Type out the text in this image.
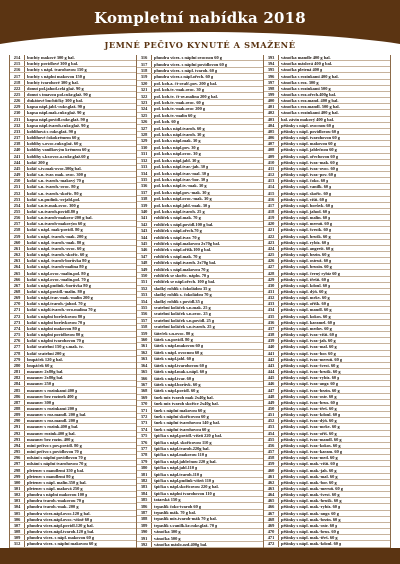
Kompletní nabídka 2018
JEMNÉ PEČIVO KYNUTÉ A SMAŽENÉ
214	buchty makové 300 g bal.
215	buchty povidlové 300 g bal.
216	buchty s nápl. tvarohovou 150 g
217	buchty s náplní makovou 150 g
218	buchty tvarohové 300 g bal.
222	donut pol.jahod.celá glaž. 90 g
225	donut s tmavou pol.cukr.glaž. 90 g
226	dukátové buchtičky 300 g bal.
229	kapsa nápl.jabl.-cukr.glaž. 90 g
230	kapsa nápl.mak.cukr.glaž. 90 g
231	kapsa nápl.povidl.cukr.glaž. 90 g
232	kapsa nápl.tvaroh.cukr.glaž. 90 g
233	koblihová s cukr.glaž. 90 g
237	koblihové čokokrémem 60 g
238	koblihy s.ovoc.cukr.glaž. 60 g
240	koblihy vanilkovým krémem 60 g
241	koblihy s.kr.ovoc.a.cukr.glaž.60 g
244	koláč 200 g
245	koláč s.tv.mak-ovoc.300g bal.
249	koláč s.n. tvar. mak. ovoc. 300 g
250	koláč s.n. tvaroh.-makový 70 g
251	koláč s.n. tvaroh.-ovoc. 80 g
252	koláč s.n. tvaroh.-skořic. 80 g
253	koláč s.n.pudink.-ovjabl.pol.
254	koláč s.n.tv.mak.ovoc. 300 g
255	koláč s.n.tvaroh.povidl.80 g
256	koláč s.n.tvaroh-makovo-200 g bal.
257	koláč s.n.tvaroh-makovým 60 g
258	koláč s nápl. mak-povidl. 80 g
259	koláč s nápl. tvaroh.-mak. 200 g
260	koláč s nápl. tvaroh.-mak. 80 g
261	koláč s nápl. tvaroh.-ovoc. 60 g
262	koláč s nápl. tvaroh.-skořic. 60 g
263	koláč s nápl. tvaroh-borůvka 80 g
264	koláč s nápl. tvaroh-malina 80 g
265	koláč s nápl.ovoc.-malin.pol. 80 g
266	koláč s nápl.ovoc.-malin.pol. 70 g
267	koláč s nápl.pudink.-borůvka 80 g
268	koláč s nápl.povidl.-malin. 80 g
269	koláč s nápl.tvar.-mak.-malin 200 g
270	koláč s nápl.tvaroh.-jahod. 70 g
271	koláč s náplí.tvaroh.-ovo.malina 70 g
272	koláč s náplní borůvkovou 80 g
273	koláč s náplní borůvkovou 70 g
274	koláč s náplní makovou 80 g
275	koláč s náplní povidlovou 80 g
276	koláč s náplní tvarohovou 70 g
277	koláč svatební 150 g s.mak. tv.
278	koláč svatební 200 g
279	loupáček 120 g bal.
280	loupáček 60 g
281	mazanec 2x80g bal.
282	mazanec 2x80g bal.
284	mazanec 250 g
285	mazanec s rozinkami 400 g
286	mazanec bez rozinek 400 g
287	mazanec 300 g
288	mazanec s rozinkami 200 g
289	mazanec s roz.mandl. 200 g bal.
290	mazanec s roz.mandl. 200 g
291	mazanec s rozink.400 g bal.
292	mazanec rozink.400 g bal.
293	mazanec bez rozin. 400 g
294	mini pečivo s pov.povidl. 80 g
295	mini pečivo s povidlovou 70 g
296	mlsání s náplní povidlovou 70 g
297	mlsání s náplní tvarohovou 70 g
298	pletenec s mandlemi 350 g bal.
299	pletenec s mandlemi 80 g
300	pletenec s nápl. malin.350 g bal.
301	pletenec s nápl. maková 250 g
302	plundra s náplní makovou 100 g
303	plundra tvaroh.-makovou 70 g
304	plundra tvaroh.-mak. 200 g
305	plundra vícez.nápl.ovoc.120 g bal.
306	plundra vícez.nápl.ovoc.-višně 60 g
307	plundra vícez.nápl.povidl.120 g bal.
308	plundra vícez.nápl.tvaroh.120 g bal.
309	plundra vícez. s nápl. makovou 60 g
312	plundra vícez. s náplní makovou 60 g
316	plundra vícez. s náplní ovocnou 60 g
317	plundra vícez. s náplní povidlovou 60 g
318	plundra vícez. s nápl. tvaroh. 60 g
319	plundra vícez.s nápl.ořech. 60 g
320	pol. koh.a. čt-ovalč.pov. 200 g bal.
321	pol. koh.tv.-mak.ovoc. 30 g
322	pol. koh.tv. čt-ov.malina 200 g bal.
323	pol. koh.tv.-mak.ovoc. 60 g
324	pol. koh.tv.-mak.ovoc 200 g
325	pol. koh.tv.-malin 60 g
326	pol. koh. 60 g
327	pol. koh.s nápl.tvaroh. 60 g
328	pol. koh.s nápl.tvaroh. 30 g
329	pol. koh.s nápl.mak. 30 g
330	pol. koh.s nápl.pov. 30 g
331	pol. koh.s nápl.ovoc. 30 g
332	pol. koh.s nápl.jabl. 30 g
333	pol. koh.s nápl.tvar.-jah. 30 g
334	pol. koh.s nápl.tvar.-mal. 30 g
335	pol. koh.s nápl.tvar.-bor. 30 g
336	pol. koh.s nápl.tv.-mak. 30 g
337	pol. koh.s nápl.pov.-mak. 30 g
338	pol. koh.s nápl.ovoc.-mak. 30 g
339	pol. koh.s nápl.jabl.-mak. 30 g
340	pol. koh.s nápl.tvaroh. 25 g
341	rohlíček s nápl.mak. 70 g
342	rohlíček s nápl.povidl.100 g bal.
343	rohlíček s nápl.ořech.70 g
344	rohlíček s nápl.tvar. 70 g
345	rohlíček s nápl.makovou 2x70g bal.
346	rohlíček s nápl.oříšk.100 g bal.
347	rohlíček s nápl.mak. 70 g
348	rohlíček s nápl.tvaroh. 2x70g bal.
349	rohlíček s nápl.makovou 70 g
350	rohlíček se skořic. nápln. 70 g
351	rohlíček se nápl.ořech. 100 g bal.
352	sladký rohlík s čokoládou 35 g
353	sladký rohlík s. čokoládou 70 g
354	sladký rohlík s povidl.35 g
355	svatební koláček s.n.mak. 25 g
356	svatební koláček s.n.ovoc. 25 g
357	svatební koláček s.n.povidl. 25 g
358	svatební koláček s.n.tvaroh. 25 g
359	šáteček s.n.ovoc. 80 g
360	šátek s.n.povidl. 80 g
361	šátek s nápl.makovou 60 g
362	šátek s nápl. ovocnou 60 g
363	šátek s nápl.jabl. 60 g
364	šátek s nápl.tvarohovou 60 g
365	šátek s nápl.mak.s.nápl. 60 g
366	šátek s nápl.tvar. 60 g
367	šátek s nápl.borůvk. 60 g
368	šátek s nápl.povidl. 60 g
369	šnek mix tvaroh mak 2x40g bal.
370	šnek mix tvaroh skořice 2x40g bal.
371	šnek s náplní makovou 60 g
372	šnek s náplní skořicovou 60 g
373	šnek s náplní tvarohovou 140 g bal.
374	šnek s náplní tvarohovou 60 g
375	špička s nápl.povidl.-višeň 220 g bal.
376	špička s nápl. skořicovou 110 g
377	špička s nápl.tvaroh.220g bal.
378	špička s nápl.makovou 110 g
379	špička s nápl.jablečnou 220 g bal.
380	špička s nápl.jabl.110 g
381	špička s nápl.tvaroh.110 g
382	špička s nápl.pudink-višeň 110 g
383	špička s nápl.skořicovou 220 g bal.
384	špička s náplní tvarohovou 110 g
385	tatarská 150 g
386	trpaslík čoko-tvaroh 60 g
387	trpaslík mák. 70 g bal.
388	trpaslík mix.tvaroh-mák 70 g bal.
389	trpaslík s.vanilk.kr.cukr.glaž. 70 g
390	vánočka 300 g
391	vánočka 500 g
392	vánočka máslo.ozd.400g bal.
393	vánočka mandle 400 g bal.
394	vánočka máslová 400 g bal.
395	vánočka pletená 400 g
396	vánočka s rozinkami 400 g bal.
397	vánočka s roz. 300 g
398	vánočka s rozinkami 500 g
399	vánočka s roz.ořech.400g bal.
400	vánočka s roz.mand. 400 g bal.
401	vánočka s roz.mandl. 500 g bal.
402	vánočka s rozinkami 400 g bal.
403	bal. závin makový 400 g bal.
404	pěšinky s nápl. ovocnou 60 g
405	pěšinky s nápl. povidlovou 60 g
406	pěšinky s nápl. tvarohovou 60 g
407	pěšinky s nápl. makovou 60 g
408	pěšinky s nápl. jablečnou 60 g
409	pěšinky s nápl. ořechovou 60 g
410	pěšinky s nápl. tvar.-mak. 60 g
411	pěšinky s nápl. tvar.-ovoc. 60 g
412	pěšinky s nápl. tvar.-pov. 60 g
413	pěšinky s nápl. čoko. 60 g
414	pěšinky s nápl. vanilk. 60 g
415	pěšinky s nápl. skořic. 60 g
416	pěšinky s nápl. višň. 60 g
417	pěšinky s nápl. borůvk. 60 g
418	pěšinky s nápl. jahod. 60 g
419	pěšinky s nápl. malin. 60 g
420	pěšinky s nápl. meruň. 60 g
421	pěšinky s nápl. švestk. 60 g
422	pěšinky s nápl. hrušk. 60 g
423	pěšinky s nápl. rybíz. 60 g
424	pěšinky s nápl. angrešt. 60 g
425	pěšinky s nápl. bezin. 60 g
426	pěšinky s nápl. ostruž. 60 g
427	pěšinky s nápl. brusin. 60 g
428	pěšinky s nápl. černý rybíz 60 g
429	pěšinky s nápl. třešň. 60 g
430	pěšinky s nápl. kdoul. 60 g
431	pěšinky s nápl. dýň. 60 g
432	pěšinky s nápl. mrkv. 60 g
433	pěšinky s nápl. oříšk. 60 g
434	pěšinky s nápl. mandl. 60 g
435	pěšinky s nápl. kokos. 60 g
436	pěšinky s nápl. karamel. 60 g
437	pěšinky s nápl. medov. 60 g
438	pěšinky s nápl. tvar.-višň. 60 g
439	pěšinky s nápl. tvar.-jah. 60 g
440	pěšinky s nápl. tvar.-mal. 60 g
441	pěšinky s nápl. tvar.-bor. 60 g
442	pěšinky s nápl. tvar.-meruň. 60 g
443	pěšinky s nápl. tvar.-švest. 60 g
444	pěšinky s nápl. tvar.-hrušk. 60 g
445	pěšinky s nápl. tvar.-rybíz. 60 g
446	pěšinky s nápl. tvar.-angr. 60 g
447	pěšinky s nápl. tvar.-bezin. 60 g
448	pěšinky s nápl. tvar.-ostr. 60 g
449	pěšinky s nápl. tvar.-brus. 60 g
450	pěšinky s nápl. tvar.-třeš. 60 g
451	pěšinky s nápl. tvar.-kdoul. 60 g
452	pěšinky s nápl. tvar.-dýň. 60 g
453	pěšinky s nápl. tvar.-mrkv. 60 g
454	pěšinky s nápl. tvar.-oříš. 60 g
455	pěšinky s nápl. tvar.-mandl. 60 g
456	pěšinky s nápl. tvar.-kokos. 60 g
457	pěšinky s nápl. tvar.-karam. 60 g
458	pěšinky s nápl. tvar.-med. 60 g
459	pěšinky s nápl. mak.-višň. 60 g
460	pěšinky s nápl. mak.-jah. 60 g
461	pěšinky s nápl. mak.-mal. 60 g
462	pěšinky s nápl. mak.-bor. 60 g
463	pěšinky s nápl. mak.-meruň. 60 g
464	pěšinky s nápl. mak.-švest. 60 g
465	pěšinky s nápl. mak.-hrušk. 60 g
466	pěšinky s nápl. mak.-rybíz. 60 g
467	pěšinky s nápl. mak.-angr. 60 g
468	pěšinky s nápl. mak.-bezin. 60 g
469	pěšinky s nápl. mak.-ostr. 60 g
470	pěšinky s nápl. mak.-brus. 60 g
471	pěšinky s nápl. mak.-třeš. 60 g
472	pěšinky s nápl. mak.-kdoul. 60 g
